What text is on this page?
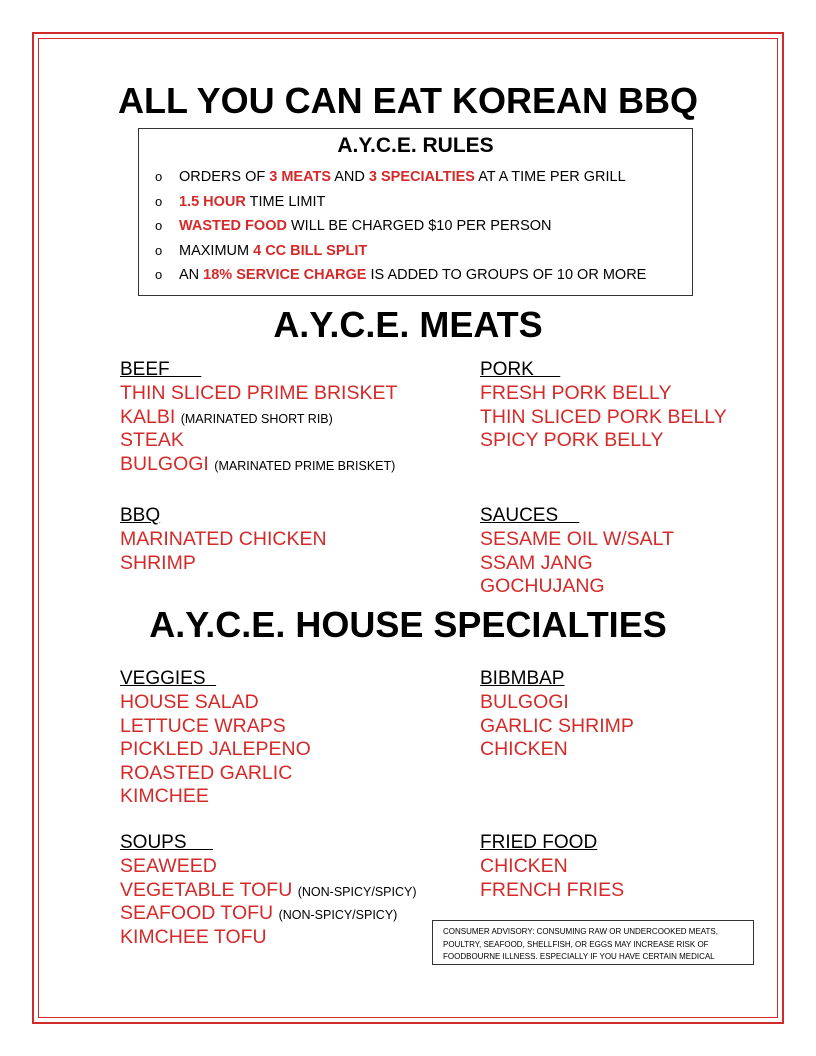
ALL YOU CAN EAT KOREAN BBQ
A.Y.C.E. RULES
o ORDERS OF 3 MEATS AND 3 SPECIALTIES AT A TIME PER GRILL
o 1.5 HOUR TIME LIMIT
o WASTED FOOD WILL BE CHARGED $10 PER PERSON
o MAXIMUM 4 CC BILL SPLIT
o AN 18% SERVICE CHARGE IS ADDED TO GROUPS OF 10 OR MORE
A.Y.C.E. MEATS
BEEF
THIN SLICED PRIME BRISKET
KALBI (MARINATED SHORT RIB)
STEAK
BULGOGI (MARINATED PRIME BRISKET)
PORK
FRESH PORK BELLY
THIN SLICED PORK BELLY
SPICY PORK BELLY
BBQ
MARINATED CHICKEN
SHRIMP
SAUCES
SESAME OIL W/SALT
SSAM JANG
GOCHUJANG
A.Y.C.E. HOUSE SPECIALTIES
VEGGIES
HOUSE SALAD
LETTUCE WRAPS
PICKLED JALEPENO
ROASTED GARLIC
KIMCHEE
BIBMBAP
BULGOGI
GARLIC SHRIMP
CHICKEN
SOUPS
SEAWEED
VEGETABLE TOFU (NON-SPICY/SPICY)
SEAFOOD TOFU (NON-SPICY/SPICY)
KIMCHEE TOFU
FRIED FOOD
CHICKEN
FRENCH FRIES
CONSUMER ADVISORY: CONSUMING RAW OR UNDERCOOKED MEATS, POULTRY, SEAFOOD, SHELLFISH, OR EGGS MAY INCREASE RISK OF FOODBOURNE ILLNESS. ESPECIALLY IF YOU HAVE CERTAIN MEDICAL
